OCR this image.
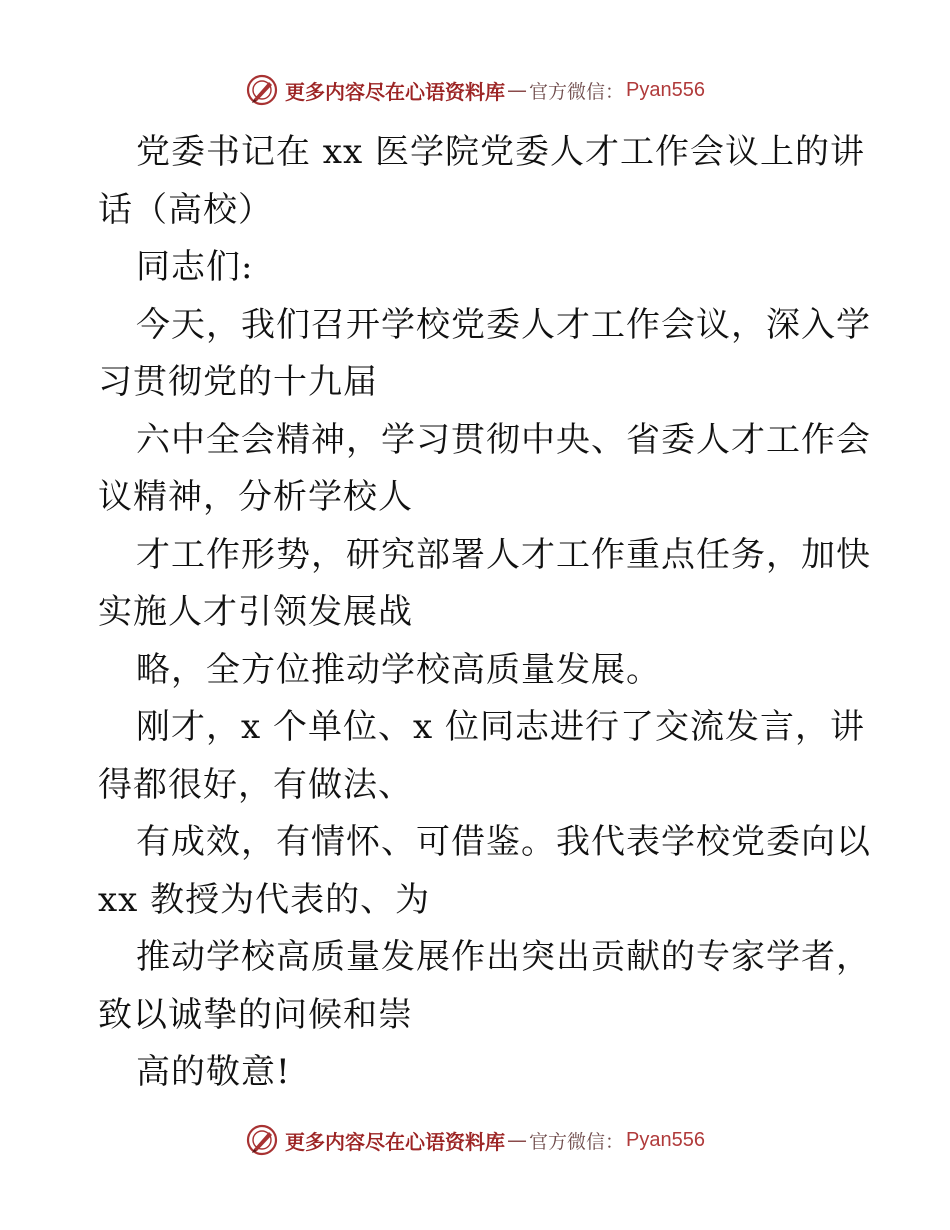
更多内容尽在心语资料库 — 官方微信： Pyan556
党委书记在 xx 医学院党委人才工作会议上的讲
话（高校）
同志们:
今天，我们召开学校党委人才工作会议，深入学
习贯彻党的十九届
六中全会精神，学习贯彻中央、省委人才工作会
议精神，分析学校人
才工作形势，研究部署人才工作重点任务，加快
实施人才引领发展战
略，全方位推动学校高质量发展。
刚才，x 个单位、x 位同志进行了交流发言，讲
得都很好，有做法、
有成效，有情怀、可借鉴。我代表学校党委向以
xx 教授为代表的、为
推动学校高质量发展作出突出贡献的专家学者，
致以诚挚的问候和崇
高的敬意!
更多内容尽在心语资料库 — 官方微信： Pyan556
